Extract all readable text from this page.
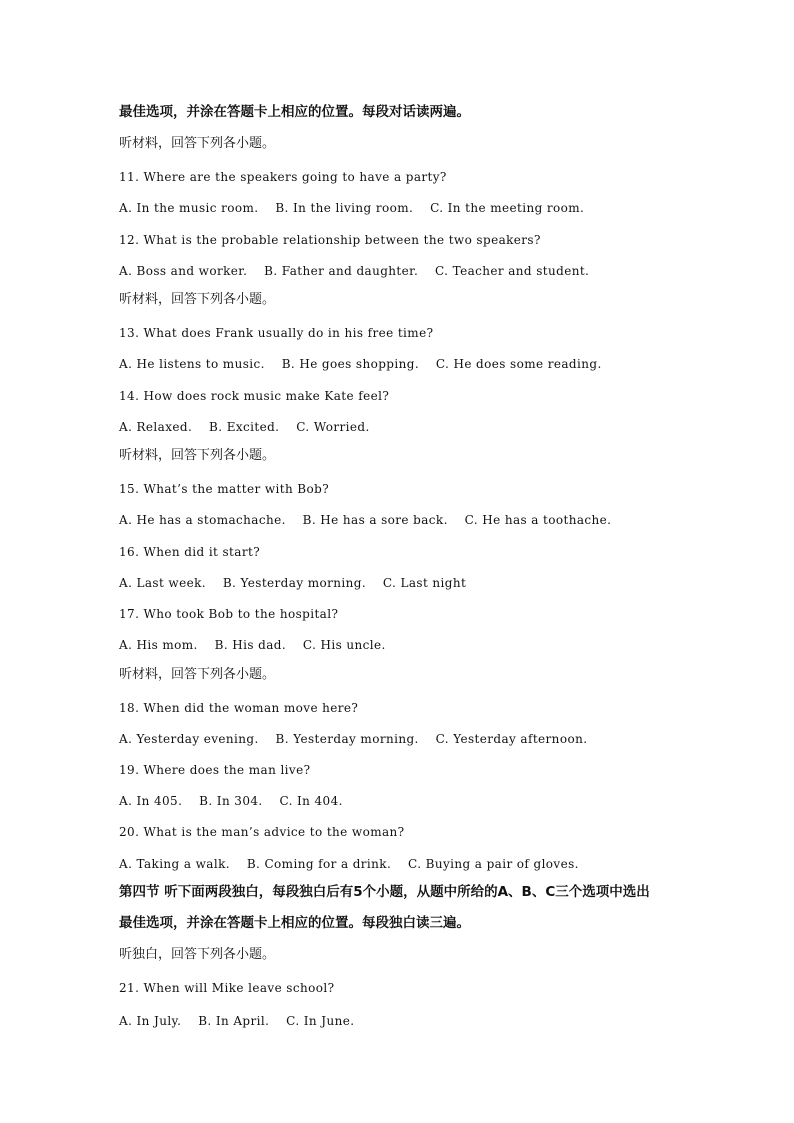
最佳选项，并涂在答题卡上相应的位置。每段对话读两遍。
听材料，回答下列各小题。
11. Where are the speakers going to have a party?
A. In the music room.    B. In the living room.    C. In the meeting room.
12. What is the probable relationship between the two speakers?
A. Boss and worker.    B. Father and daughter.    C. Teacher and student.
听材料，回答下列各小题。
13. What does Frank usually do in his free time?
A. He listens to music.    B. He goes shopping.    C. He does some reading.
14. How does rock music make Kate feel?
A. Relaxed.    B. Excited.    C. Worried.
听材料，回答下列各小题。
15. What’s the matter with Bob?
A. He has a stomachache.    B. He has a sore back.    C. He has a toothache.
16. When did it start?
A. Last week.    B. Yesterday morning.    C. Last night
17. Who took Bob to the hospital?
A. His mom.    B. His dad.    C. His uncle.
听材料，回答下列各小题。
18. When did the woman move here?
A. Yesterday evening.    B. Yesterday morning.    C. Yesterday afternoon.
19. Where does the man live?
A. In 405.    B. In 304.    C. In 404.
20. What is the man’s advice to the woman?
A. Taking a walk.    B. Coming for a drink.    C. Buying a pair of gloves.
第四节 听下面两段独白，每段独白后有5个小题，从题中所给的A、B、C三个选项中选出
最佳选项，并涂在答题卡上相应的位置。每段独白读三遍。
听独白，回答下列各小题。
21. When will Mike leave school?
A. In July.    B. In April.    C. In June.
